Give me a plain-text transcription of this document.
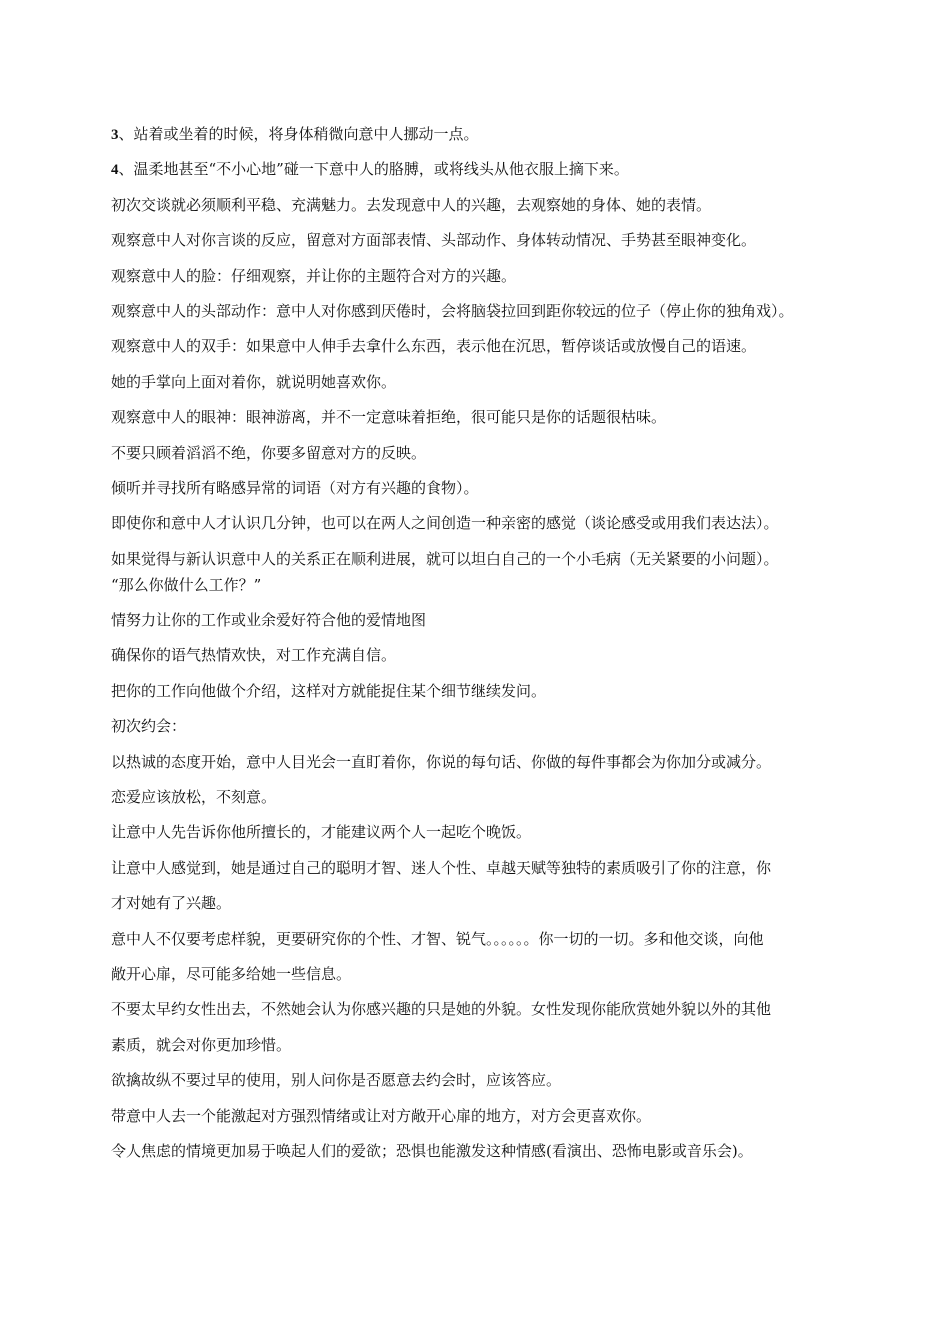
3、站着或坐着的时候，将身体稍微向意中人挪动一点。
4、温柔地甚至“不小心地”碰一下意中人的胳膊，或将线头从他衣服上摘下来。
初次交谈就必须顺利平稳、充满魅力。去发现意中人的兴趣，去观察她的身体、她的表情。
观察意中人对你言谈的反应，留意对方面部表情、头部动作、身体转动情况、手势甚至眼神变化。
观察意中人的脸：仔细观察，并让你的主题符合对方的兴趣。
观察意中人的头部动作：意中人对你感到厌倦时，会将脑袋拉回到距你较远的位子（停止你的独角戏）。
观察意中人的双手：如果意中人伸手去拿什么东西，表示他在沉思，暂停谈话或放慢自己的语速。
她的手掌向上面对着你，就说明她喜欢你。
观察意中人的眼神：眼神游离，并不一定意味着拒绝，很可能只是你的话题很枯味。
不要只顾着滔滔不绝，你要多留意对方的反映。
倾听并寻找所有略感异常的词语（对方有兴趣的食物）。
即使你和意中人才认识几分钟，也可以在两人之间创造一种亲密的感觉（谈论感受或用我们表达法）。
如果觉得与新认识意中人的关系正在顺利进展，就可以坦白自己的一个小毛病（无关紧要的小问题）。
“那么你做什么工作？”
情努力让你的工作或业余爱好符合他的爱情地图
确保你的语气热情欢快，对工作充满自信。
把你的工作向他做个介绍，这样对方就能捉住某个细节继续发问。
初次约会：
以热诚的态度开始，意中人目光会一直盯着你，你说的每句话、你做的每件事都会为你加分或减分。
恋爱应该放松，不刻意。
让意中人先告诉你他所擅长的，才能建议两个人一起吃个晚饭。
让意中人感觉到，她是通过自己的聪明才智、迷人个性、卓越天赋等独特的素质吸引了你的注意，你
才对她有了兴趣。
意中人不仅要考虑样貌，更要研究你的个性、才智、锐气。。。。。。你一切的一切。多和他交谈，向他
敞开心扉，尽可能多给她一些信息。
不要太早约女性出去，不然她会认为你感兴趣的只是她的外貌。女性发现你能欣赏她外貌以外的其他
素质，就会对你更加珍惜。
欲擒故纵不要过早的使用，别人问你是否愿意去约会时，应该答应。
带意中人去一个能激起对方强烈情绪或让对方敞开心扉的地方，对方会更喜欢你。
令人焦虑的情境更加易于唤起人们的爱欲；恐惧也能激发这种情感(看演出、恐怖电影或音乐会)。
